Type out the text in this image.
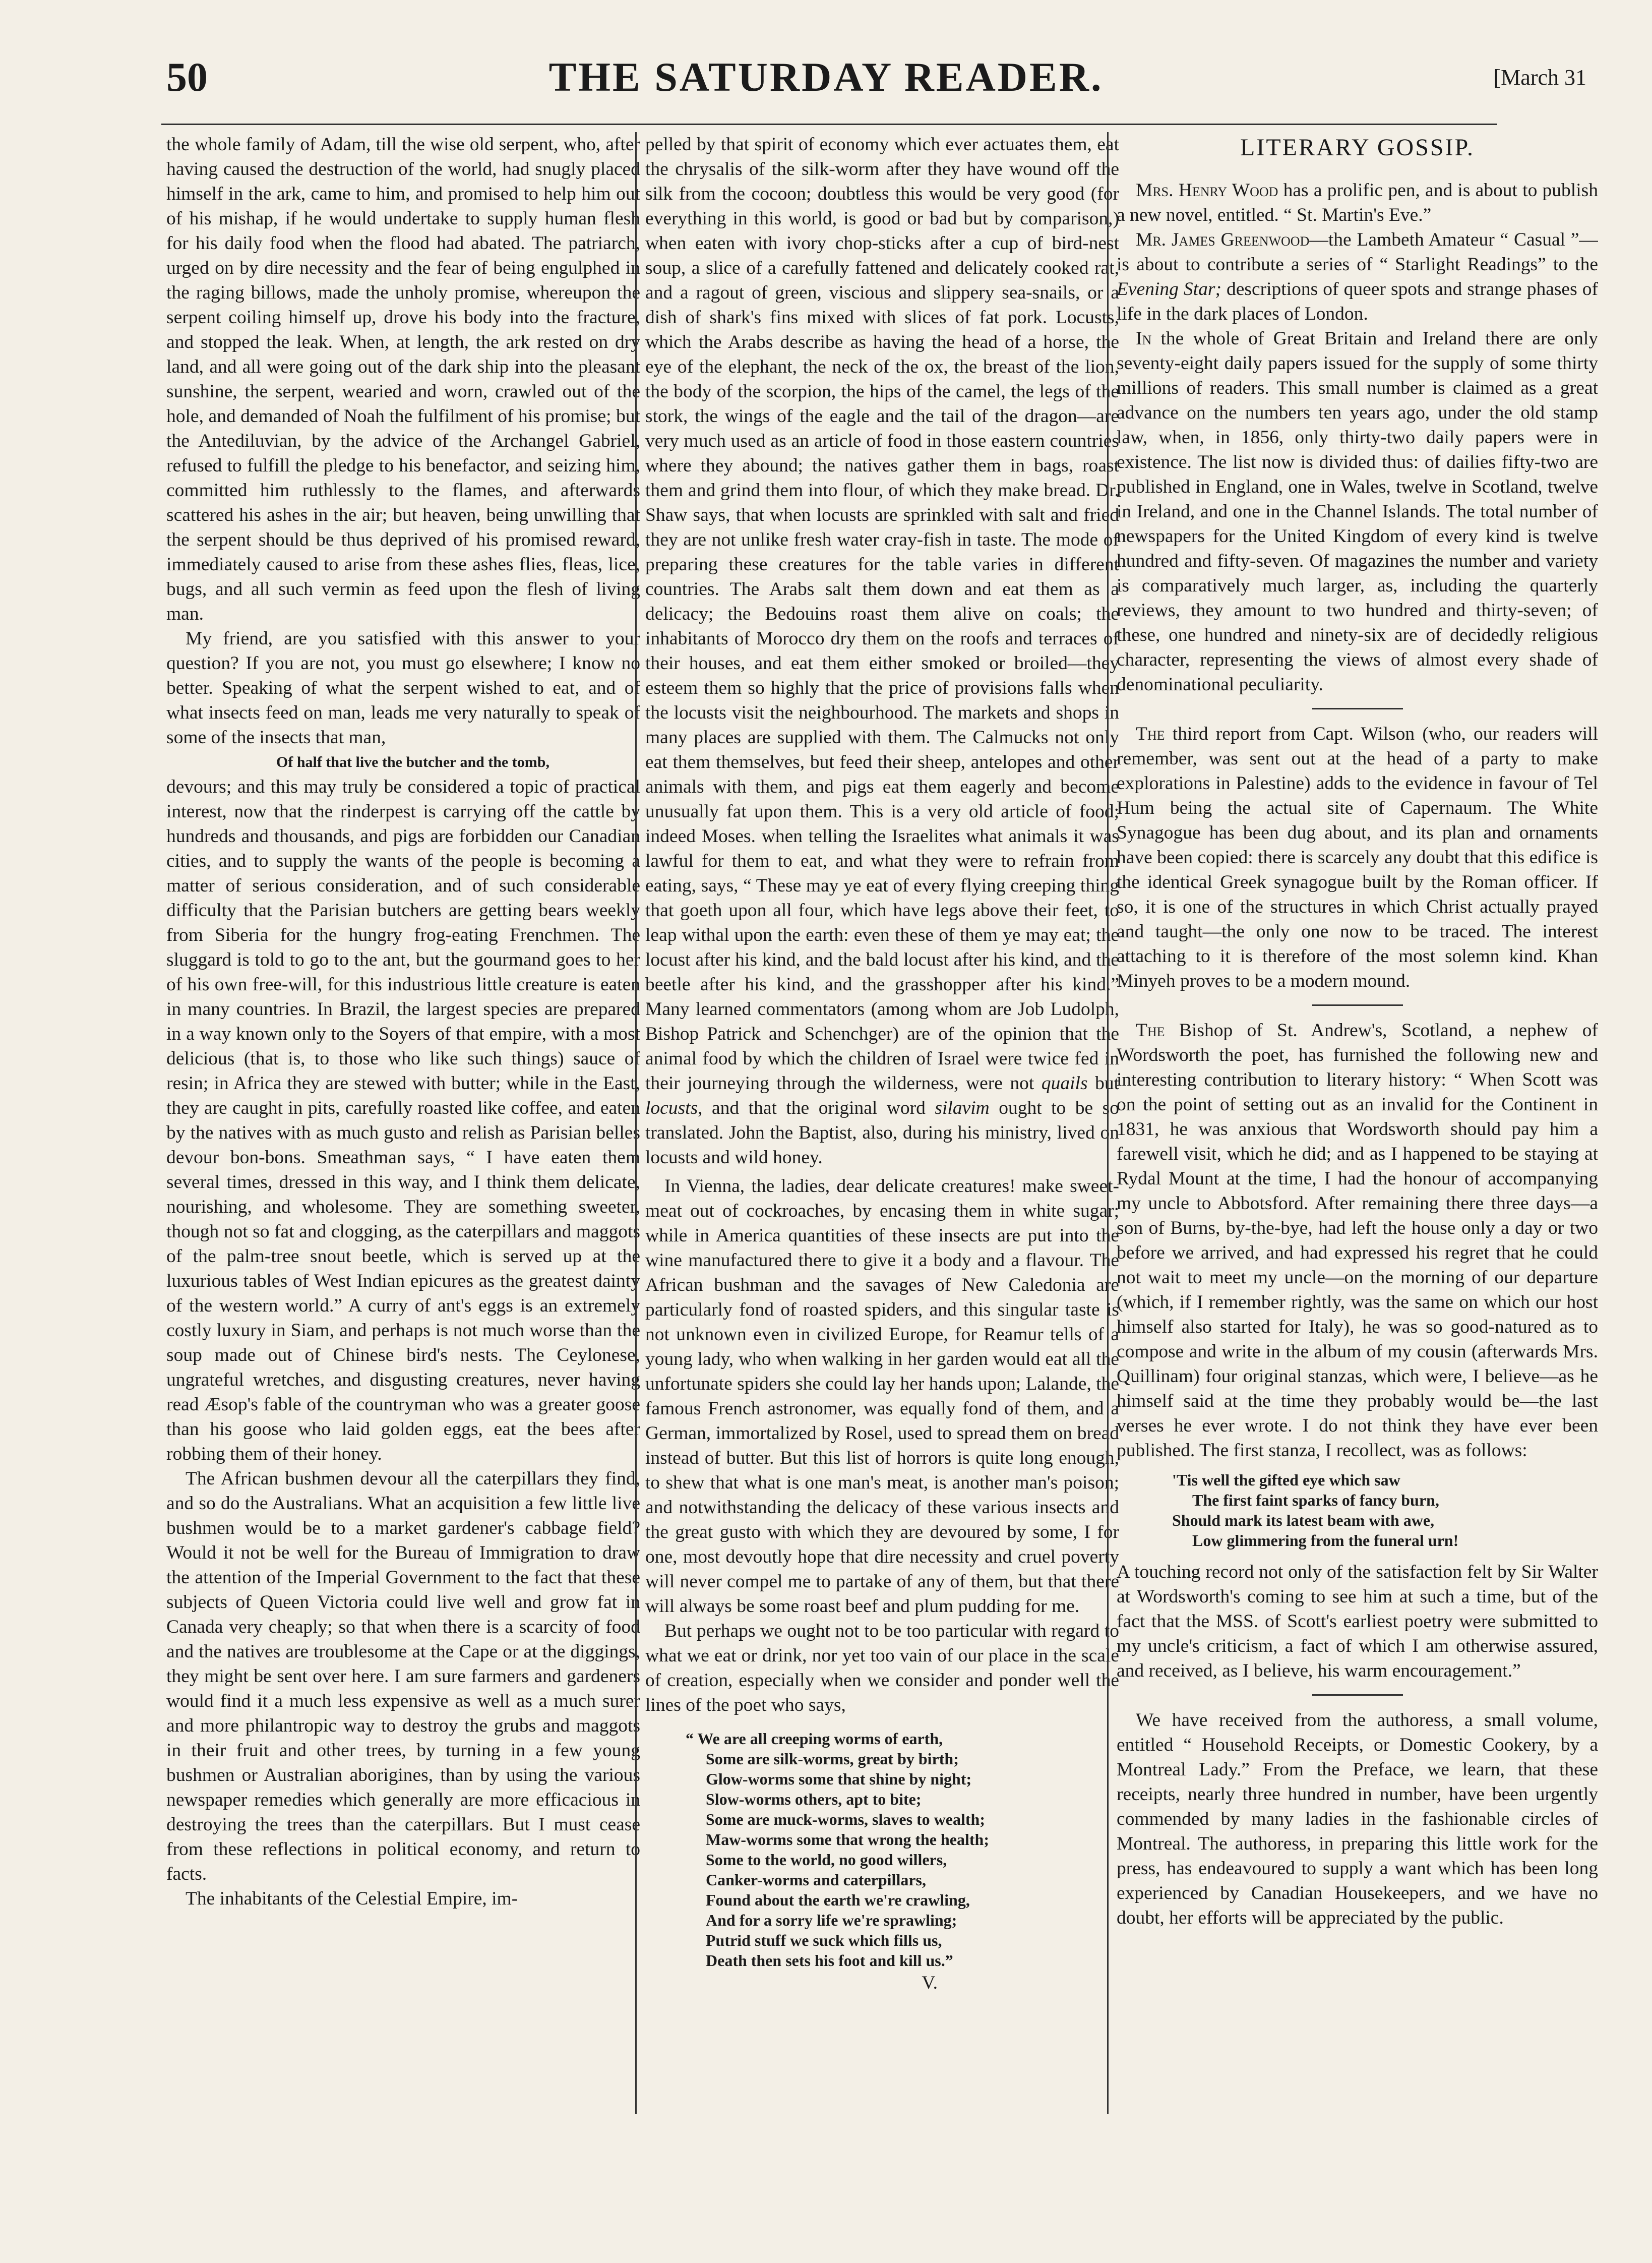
50	THE SATURDAY READER.	[March 31

the whole family of Adam, till the wise old serpent, who, after having caused the destruction of the world, had snugly placed himself in the ark, came to him, and promised to help him out of his mishap, if he would undertake to supply human flesh for his daily food when the flood had abated. The patriarch, urged on by dire necessity and the fear of being engulphed in the raging billows, made the unholy promise, whereupon the serpent coiling himself up, drove his body into the fracture, and stopped the leak. When, at length, the ark rested on dry land, and all were going out of the dark ship into the pleasant sunshine, the serpent, wearied and worn, crawled out of the hole, and demanded of Noah the fulfilment of his promise; but the Antediluvian, by the advice of the Archangel Gabriel, refused to fulfill the pledge to his benefactor, and seizing him, committed him ruthlessly to the flames, and afterwards scattered his ashes in the air; but heaven, being unwilling that the serpent should be thus deprived of his promised reward, immediately caused to arise from these ashes flies, fleas, lice, bugs, and all such vermin as feed upon the flesh of living man.

My friend, are you satisfied with this answer to your question? If you are not, you must go elsewhere; I know no better. Speaking of what the serpent wished to eat, and of what insects feed on man, leads me very naturally to speak of some of the insects that man,

Of half that live the butcher and the tomb,

devours; and this may truly be considered a topic of practical interest, now that the rinderpest is carrying off the cattle by hundreds and thousands, and pigs are forbidden our Canadian cities, and to supply the wants of the people is becoming a matter of serious consideration, and of such considerable difficulty that the Parisian butchers are getting bears weekly from Siberia for the hungry frog-eating Frenchmen. The sluggard is told to go to the ant, but the gourmand goes to her of his own free-will, for this industrious little creature is eaten in many countries. In Brazil, the largest species are prepared in a way known only to the Soyers of that empire, with a most delicious (that is, to those who like such things) sauce of resin; in Africa they are stewed with butter; while in the East, they are caught in pits, carefully roasted like coffee, and eaten by the natives with as much gusto and relish as Parisian belles devour bon-bons. Smeathman says, “ I have eaten them several times, dressed in this way, and I think them delicate, nourishing, and wholesome. They are something sweeter, though not so fat and clogging, as the caterpillars and maggots of the palm-tree snout beetle, which is served up at the luxurious tables of West Indian epicures as the greatest dainty of the western world.” A curry of ant's eggs is an extremely costly luxury in Siam, and perhaps is not much worse than the soup made out of Chinese bird's nests. The Ceylonese, ungrateful wretches, and disgusting creatures, never having read Æsop's fable of the countryman who was a greater goose than his goose who laid golden eggs, eat the bees after robbing them of their honey.

The African bushmen devour all the caterpillars they find, and so do the Australians. What an acquisition a few little live bushmen would be to a market gardener's cabbage field? Would it not be well for the Bureau of Immigration to draw the attention of the Imperial Government to the fact that these subjects of Queen Victoria could live well and grow fat in Canada very cheaply; so that when there is a scarcity of food and the natives are troublesome at the Cape or at the diggings, they might be sent over here. I am sure farmers and gardeners would find it a much less expensive as well as a much surer and more philantropic way to destroy the grubs and maggots in their fruit and other trees, by turning in a few young bushmen or Australian aborigines, than by using the various newspaper remedies which generally are more efficacious in destroying the trees than the caterpillars. But I must cease from these reflections in political economy, and return to facts.

The inhabitants of the Celestial Empire, im-

pelled by that spirit of economy which ever actuates them, eat the chrysalis of the silk-worm after they have wound off the silk from the cocoon; doubtless this would be very good (for everything in this world, is good or bad but by comparison,) when eaten with ivory chop-sticks after a cup of bird-nest soup, a slice of a carefully fattened and delicately cooked rat, and a ragout of green, viscious and slippery sea-snails, or a dish of shark's fins mixed with slices of fat pork. Locusts, which the Arabs describe as having the head of a horse, the eye of the elephant, the neck of the ox, the breast of the lion, the body of the scorpion, the hips of the camel, the legs of the stork, the wings of the eagle and the tail of the dragon—are very much used as an article of food in those eastern countries where they abound; the natives gather them in bags, roast them and grind them into flour, of which they make bread. Dr. Shaw says, that when locusts are sprinkled with salt and fried they are not unlike fresh water cray-fish in taste. The mode of preparing these creatures for the table varies in different countries. The Arabs salt them down and eat them as a delicacy; the Bedouins roast them alive on coals; the inhabitants of Morocco dry them on the roofs and terraces of their houses, and eat them either smoked or broiled—they esteem them so highly that the price of provisions falls when the locusts visit the neighbourhood. The markets and shops in many places are supplied with them. The Calmucks not only eat them themselves, but feed their sheep, antelopes and other animals with them, and pigs eat them eagerly and become unusually fat upon them. This is a very old article of food; indeed Moses. when telling the Israelites what animals it was lawful for them to eat, and what they were to refrain from eating, says, “ These may ye eat of every flying creeping thing that goeth upon all four, which have legs above their feet, to leap withal upon the earth: even these of them ye may eat; the locust after his kind, and the bald locust after his kind, and the beetle after his kind, and the grasshopper after his kind.” Many learned commentators (among whom are Job Ludolph, Bishop Patrick and Schenchger) are of the opinion that the animal food by which the children of Israel were twice fed in their journeying through the wilderness, were not quails but locusts, and that the original word silavim ought to be so translated. John the Baptist, also, during his ministry, lived on locusts and wild honey.

In Vienna, the ladies, dear delicate creatures! make sweet-meat out of cockroaches, by encasing them in white sugar; while in America quantities of these insects are put into the wine manufactured there to give it a body and a flavour. The African bushman and the savages of New Caledonia are particularly fond of roasted spiders, and this singular taste is not unknown even in civilized Europe, for Reamur tells of a young lady, who when walking in her garden would eat all the unfortunate spiders she could lay her hands upon; Lalande, the famous French astronomer, was equally fond of them, and a German, immortalized by Rosel, used to spread them on bread instead of butter. But this list of horrors is quite long enough, to shew that what is one man's meat, is another man's poison; and notwithstanding the delicacy of these various insects and the great gusto with which they are devoured by some, I for one, most devoutly hope that dire necessity and cruel poverty will never compel me to partake of any of them, but that there will always be some roast beef and plum pudding for me.

But perhaps we ought not to be too particular with regard to what we eat or drink, nor yet too vain of our place in the scale of creation, especially when we consider and ponder well the lines of the poet who says,

“ We are all creeping worms of earth,
Some are silk-worms, great by birth;
Glow-worms some that shine by night;
Slow-worms others, apt to bite;
Some are muck-worms, slaves to wealth;
Maw-worms some that wrong the health;
Some to the world, no good willers,
Canker-worms and caterpillars,
Found about the earth we're crawling,
And for a sorry life we're sprawling;
Putrid stuff we suck which fills us,
Death then sets his foot and kill us.”

V.

LITERARY GOSSIP.

Mrs. Henry Wood has a prolific pen, and is about to publish a new novel, entitled. “ St. Martin's Eve.”

Mr. James Greenwood—the Lambeth Amateur “ Casual ”—is about to contribute a series of “ Starlight Readings” to the Evening Star; descriptions of queer spots and strange phases of life in the dark places of London.

In the whole of Great Britain and Ireland there are only seventy-eight daily papers issued for the supply of some thirty millions of readers. This small number is claimed as a great advance on the numbers ten years ago, under the old stamp law, when, in 1856, only thirty-two daily papers were in existence. The list now is divided thus: of dailies fifty-two are published in England, one in Wales, twelve in Scotland, twelve in Ireland, and one in the Channel Islands. The total number of newspapers for the United Kingdom of every kind is twelve hundred and fifty-seven. Of magazines the number and variety is comparatively much larger, as, including the quarterly reviews, they amount to two hundred and thirty-seven; of these, one hundred and ninety-six are of decidedly religious character, representing the views of almost every shade of denominational peculiarity.

The third report from Capt. Wilson (who, our readers will remember, was sent out at the head of a party to make explorations in Palestine) adds to the evidence in favour of Tel Hum being the actual site of Capernaum. The White Synagogue has been dug about, and its plan and ornaments have been copied: there is scarcely any doubt that this edifice is the identical Greek synagogue built by the Roman officer. If so, it is one of the structures in which Christ actually prayed and taught—the only one now to be traced. The interest attaching to it is therefore of the most solemn kind. Khan Minyeh proves to be a modern mound.

The Bishop of St. Andrew's, Scotland, a nephew of Wordsworth the poet, has furnished the following new and interesting contribution to literary history: “ When Scott was on the point of setting out as an invalid for the Continent in 1831, he was anxious that Wordsworth should pay him a farewell visit, which he did; and as I happened to be staying at Rydal Mount at the time, I had the honour of accompanying my uncle to Abbotsford. After remaining there three days—a son of Burns, by-the-bye, had left the house only a day or two before we arrived, and had expressed his regret that he could not wait to meet my uncle—on the morning of our departure (which, if I remember rightly, was the same on which our host himself also started for Italy), he was so good-natured as to compose and write in the album of my cousin (afterwards Mrs. Quillinam) four original stanzas, which were, I believe—as he himself said at the time they probably would be—the last verses he ever wrote. I do not think they have ever been published. The first stanza, I recollect, was as follows:

'Tis well the gifted eye which saw
The first faint sparks of fancy burn,
Should mark its latest beam with awe,
Low glimmering from the funeral urn!

A touching record not only of the satisfaction felt by Sir Walter at Wordsworth's coming to see him at such a time, but of the fact that the MSS. of Scott's earliest poetry were submitted to my uncle's criticism, a fact of which I am otherwise assured, and received, as I believe, his warm encouragement.”

We have received from the authoress, a small volume, entitled “ Household Receipts, or Domestic Cookery, by a Montreal Lady.” From the Preface, we learn, that these receipts, nearly three hundred in number, have been urgently commended by many ladies in the fashionable circles of Montreal. The authoress, in preparing this little work for the press, has endeavoured to supply a want which has been long experienced by Canadian Housekeepers, and we have no doubt, her efforts will be appreciated by the public.
